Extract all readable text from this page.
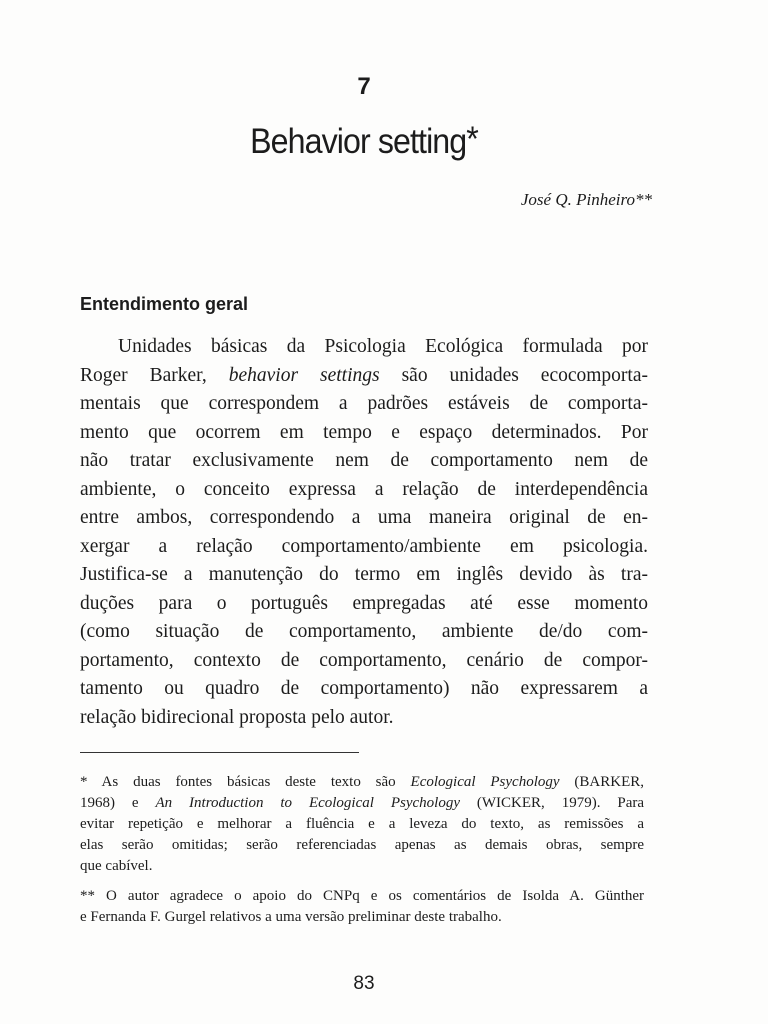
7
Behavior setting*
José Q. Pinheiro**
Entendimento geral
Unidades básicas da Psicologia Ecológica formulada por
Roger Barker, behavior settings são unidades ecocomporta-
mentais que correspondem a padrões estáveis de comporta-
mento que ocorrem em tempo e espaço determinados. Por
não tratar exclusivamente nem de comportamento nem de
ambiente, o conceito expressa a relação de interdependência
entre ambos, correspondendo a uma maneira original de en-
xergar a relação comportamento/ambiente em psicologia.
Justifica-se a manutenção do termo em inglês devido às tra-
duções para o português empregadas até esse momento
(como situação de comportamento, ambiente de/do com-
portamento, contexto de comportamento, cenário de compor-
tamento ou quadro de comportamento) não expressarem a
relação bidirecional proposta pelo autor.
* As duas fontes básicas deste texto são Ecological Psychology (BARKER,
1968) e An Introduction to Ecological Psychology (WICKER, 1979). Para
evitar repetição e melhorar a fluência e a leveza do texto, as remissões a
elas serão omitidas; serão referenciadas apenas as demais obras, sempre
que cabível.
** O autor agradece o apoio do CNPq e os comentários de Isolda A. Günther
e Fernanda F. Gurgel relativos a uma versão preliminar deste trabalho.
83
